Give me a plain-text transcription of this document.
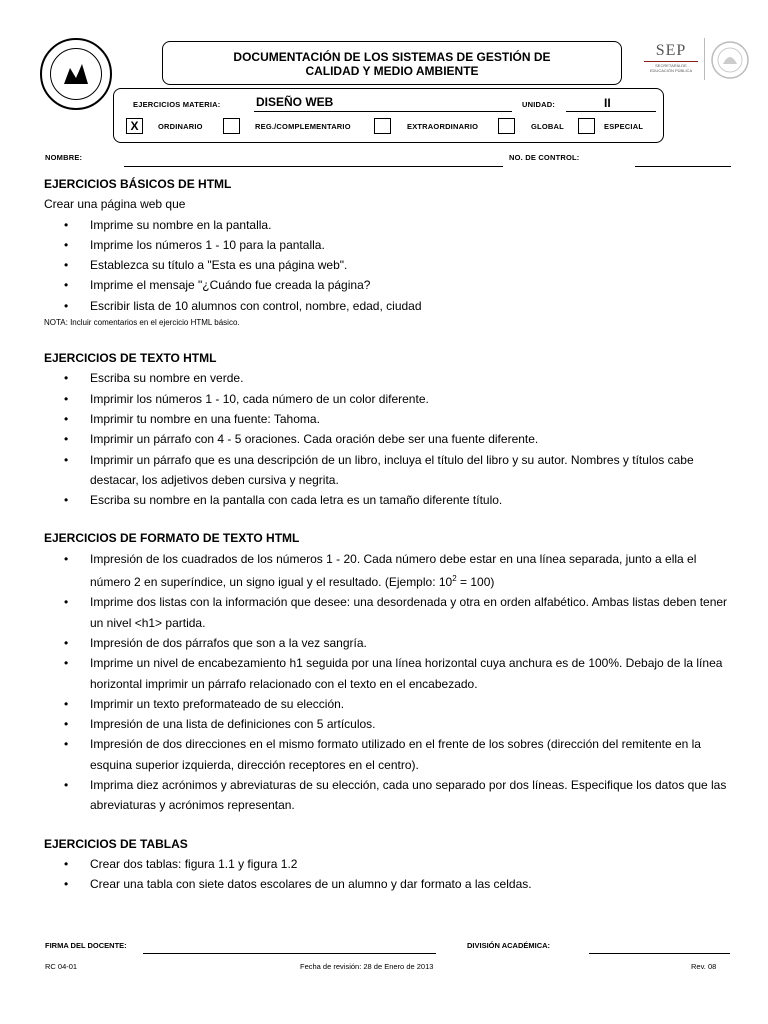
DOCUMENTACIÓN DE LOS SISTEMAS DE GESTIÓN DE
CALIDAD Y MEDIO AMBIENTE
SEP
SECRETARÍA DE
EDUCACIÓN PÚBLICA
EJERCICIOS MATERIA:	DISEÑO WEB	UNIDAD:	II
X	ORDINARIO	REG./COMPLEMENTARIO	EXTRAORDINARIO	GLOBAL	ESPECIAL
NOMBRE:	NO. DE CONTROL:
EJERCICIOS BÁSICOS DE HTML
Crear una página web que
• Imprime su nombre en la pantalla.
• Imprime los números 1 - 10 para la pantalla.
• Establezca su título a "Esta es una página web".
• Imprime el mensaje "¿Cuándo fue creada la página?
• Escribir lista de 10 alumnos con control, nombre, edad, ciudad
NOTA: Incluir comentarios en el ejercicio HTML básico.
EJERCICIOS DE TEXTO HTML
• Escriba su nombre en verde.
• Imprimir los números 1 - 10, cada número de un color diferente.
• Imprimir tu nombre en una fuente: Tahoma.
• Imprimir un párrafo con 4 - 5 oraciones. Cada oración debe ser una fuente diferente.
• Imprimir un párrafo que es una descripción de un libro, incluya el título del libro y su autor. Nombres y títulos cabe destacar, los adjetivos deben cursiva y negrita.
• Escriba su nombre en la pantalla con cada letra es un tamaño diferente título.
EJERCICIOS DE FORMATO DE TEXTO HTML
• Impresión de los cuadrados de los números 1 - 20. Cada número debe estar en una línea separada, junto a ella el número 2 en superíndice, un signo igual y el resultado. (Ejemplo: $10^2 = 100$)
• Imprime dos listas con la información que desee: una desordenada y otra en orden alfabético. Ambas listas deben tener un nivel <h1> partida.
• Impresión de dos párrafos que son a la vez sangría.
• Imprime un nivel de encabezamiento h1 seguida por una línea horizontal cuya anchura es de 100%. Debajo de la línea horizontal imprimir un párrafo relacionado con el texto en el encabezado.
• Imprimir un texto preformateado de su elección.
• Impresión de una lista de definiciones con 5 artículos.
• Impresión de dos direcciones en el mismo formato utilizado en el frente de los sobres (dirección del remitente en la esquina superior izquierda, dirección receptores en el centro).
• Imprima diez acrónimos y abreviaturas de su elección, cada uno separado por dos líneas. Especifique los datos que las abreviaturas y acrónimos representan.
EJERCICIOS DE TABLAS
• Crear dos tablas: figura 1.1 y figura 1.2
• Crear una tabla con siete datos escolares de un alumno y dar formato a las celdas.
FIRMA DEL DOCENTE:	DIVISIÓN ACADÉMICA:
RC 04-01	Fecha de revisión: 28 de Enero de 2013	Rev. 08
